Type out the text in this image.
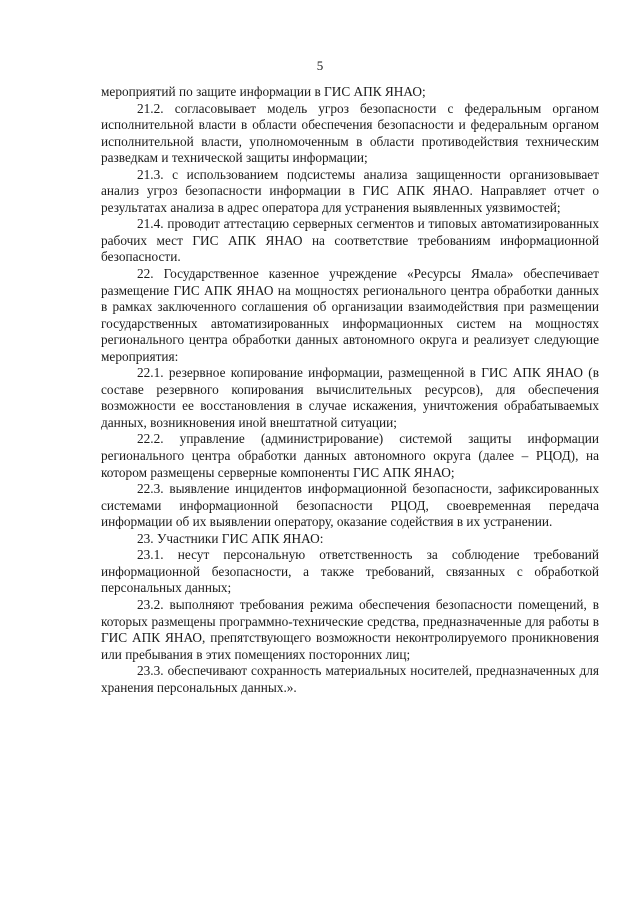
5

мероприятий по защите информации в ГИС АПК ЯНАО;

21.2. согласовывает модель угроз безопасности с федеральным органом исполнительной власти в области обеспечения безопасности и федеральным органом исполнительной власти, уполномоченным в области противодействия техническим разведкам и технической защиты информации;

21.3. с использованием подсистемы анализа защищенности организовывает анализ угроз безопасности информации в ГИС АПК ЯНАО. Направляет отчет о результатах анализа в адрес оператора для устранения выявленных уязвимостей;

21.4. проводит аттестацию серверных сегментов и типовых автоматизированных рабочих мест ГИС АПК ЯНАО на соответствие требованиям информационной безопасности.

22. Государственное казенное учреждение «Ресурсы Ямала» обеспечивает размещение ГИС АПК ЯНАО на мощностях регионального центра обработки данных в рамках заключенного соглашения об организации взаимодействия при размещении государственных автоматизированных информационных систем на мощностях регионального центра обработки данных автономного округа и реализует следующие мероприятия:

22.1. резервное копирование информации, размещенной в ГИС АПК ЯНАО (в составе резервного копирования вычислительных ресурсов), для обеспечения возможности ее восстановления в случае искажения, уничтожения обрабатываемых данных, возникновения иной внештатной ситуации;

22.2. управление (администрирование) системой защиты информации регионального центра обработки данных автономного округа (далее – РЦОД), на котором размещены серверные компоненты ГИС АПК ЯНАО;

22.3. выявление инцидентов информационной безопасности, зафиксированных системами информационной безопасности РЦОД, своевременная передача информации об их выявлении оператору, оказание содействия в их устранении.

23. Участники ГИС АПК ЯНАО:

23.1. несут персональную ответственность за соблюдение требований информационной безопасности, а также требований, связанных с обработкой персональных данных;

23.2. выполняют требования режима обеспечения безопасности помещений, в которых размещены программно-технические средства, предназначенные для работы в ГИС АПК ЯНАО, препятствующего возможности неконтролируемого проникновения или пребывания в этих помещениях посторонних лиц;

23.3. обеспечивают сохранность материальных носителей, предназначенных для хранения персональных данных.».
